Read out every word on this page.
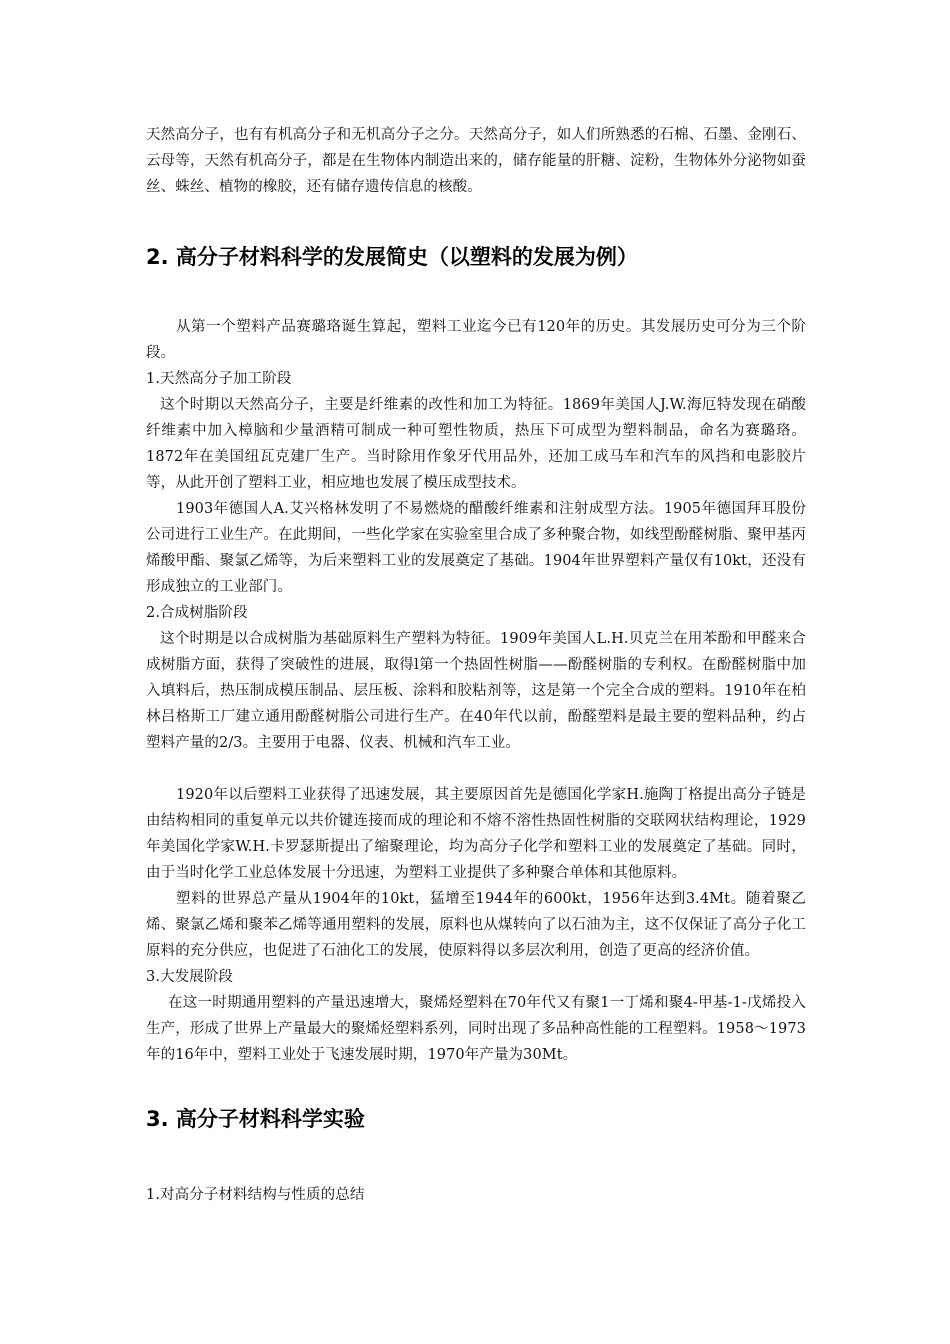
天然高分子，也有有机高分子和无机高分子之分。天然高分子，如人们所熟悉的石棉、石墨、金刚石、云母等，天然有机高分子，都是在生物体内制造出来的，储存能量的肝糖、淀粉，生物体外分泌物如蚕丝、蛛丝、植物的橡胶，还有储存遗传信息的核酸。

2. 高分子材料科学的发展简史（以塑料的发展为例）

从第一个塑料产品赛璐珞诞生算起，塑料工业迄今已有120年的历史。其发展历史可分为三个阶段。

1.天然高分子加工阶段

这个时期以天然高分子，主要是纤维素的改性和加工为特征。1869年美国人J.W.海厄特发现在硝酸纤维素中加入樟脑和少量酒精可制成一种可塑性物质，热压下可成型为塑料制品，命名为赛璐珞。1872年在美国纽瓦克建厂生产。当时除用作象牙代用品外，还加工成马车和汽车的风挡和电影胶片等，从此开创了塑料工业，相应地也发展了模压成型技术。

1903年德国人A.艾兴格林发明了不易燃烧的醋酸纤维素和注射成型方法。1905年德国拜耳股份公司进行工业生产。在此期间，一些化学家在实验室里合成了多种聚合物，如线型酚醛树脂、聚甲基丙烯酸甲酯、聚氯乙烯等，为后来塑料工业的发展奠定了基础。1904年世界塑料产量仅有10kt，还没有形成独立的工业部门。

2.合成树脂阶段

这个时期是以合成树脂为基础原料生产塑料为特征。1909年美国人L.H.贝克兰在用苯酚和甲醛来合成树脂方面，获得了突破性的进展，取得l第一个热固性树脂——酚醛树脂的专利权。在酚醛树脂中加入填料后，热压制成模压制品、层压板、涂料和胶粘剂等，这是第一个完全合成的塑料。1910年在柏林吕格斯工厂建立通用酚醛树脂公司进行生产。在40年代以前，酚醛塑料是最主要的塑料品种，约占塑料产量的2/3。主要用于电器、仪表、机械和汽车工业。

1920年以后塑料工业获得了迅速发展，其主要原因首先是德国化学家H.施陶丁格提出高分子链是由结构相同的重复单元以共价键连接而成的理论和不熔不溶性热固性树脂的交联网状结构理论，1929年美国化学家W.H.卡罗瑟斯提出了缩聚理论，均为高分子化学和塑料工业的发展奠定了基础。同时，由于当时化学工业总体发展十分迅速，为塑料工业提供了多种聚合单体和其他原料。

塑料的世界总产量从1904年的10kt，猛增至1944年的600kt，1956年达到3.4Mt。随着聚乙烯、聚氯乙烯和聚苯乙烯等通用塑料的发展，原料也从煤转向了以石油为主，这不仅保证了高分子化工原料的充分供应，也促进了石油化工的发展，使原料得以多层次利用，创造了更高的经济价值。

3.大发展阶段

在这一时期通用塑料的产量迅速增大，聚烯烃塑料在70年代又有聚1一丁烯和聚4-甲基-1-戊烯投入生产，形成了世界上产量最大的聚烯烃塑料系列，同时出现了多品种高性能的工程塑料。1958～1973年的16年中，塑料工业处于飞速发展时期，1970年产量为30Mt。

3. 高分子材料科学实验

1.对高分子材料结构与性质的总结
